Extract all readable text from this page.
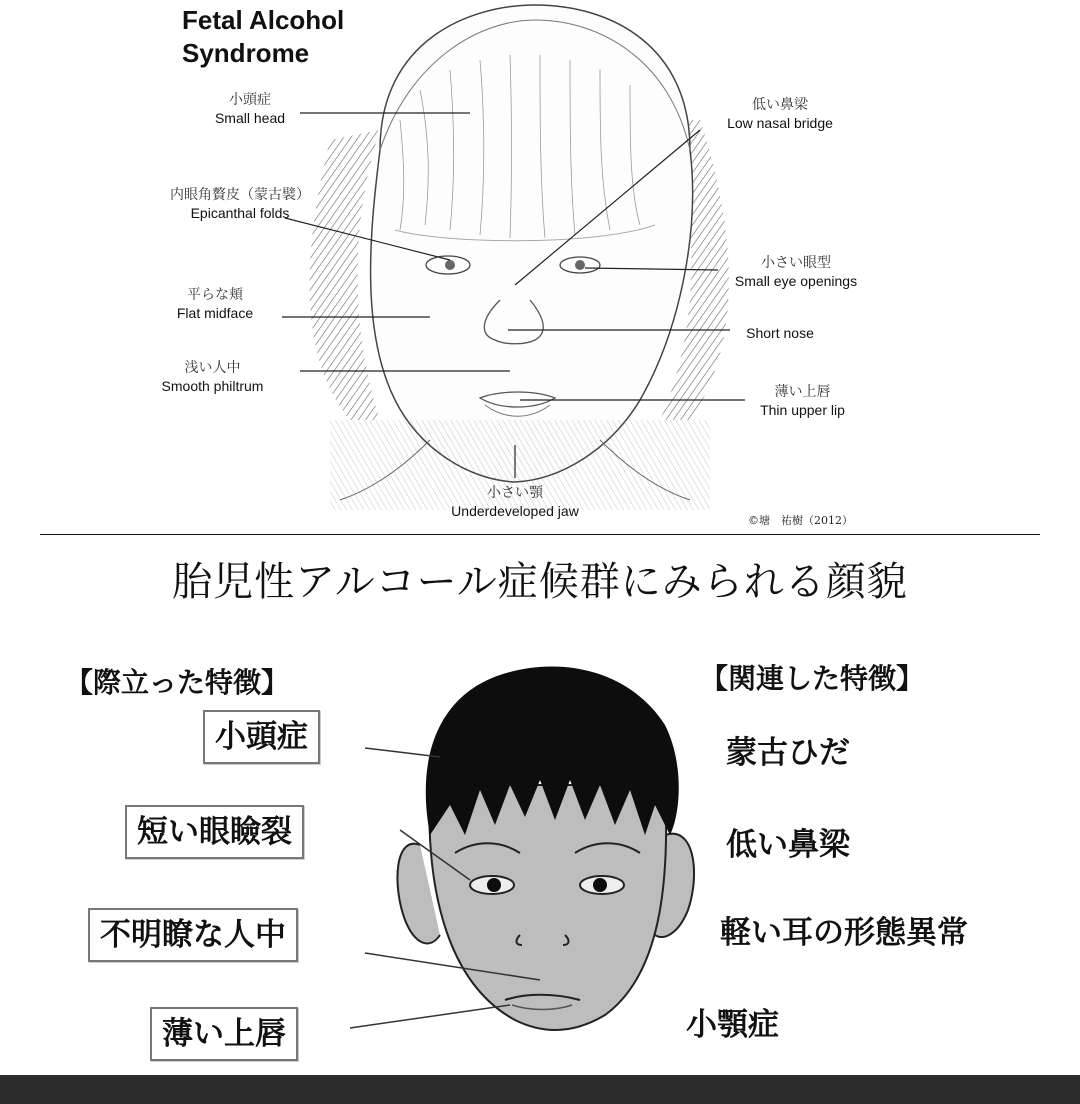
Fetal Alcohol
Syndrome
小頭症
Small head
内眼角贅皮（蒙古襞）
Epicanthal folds
平らな頬
Flat midface
浅い人中
Smooth philtrum
低い鼻梁
Low nasal bridge
小さい眼型
Small eye openings
Short nose
薄い上唇
Thin upper lip
小さい顎
Underdeveloped jaw
©塘　祐樹（2012）
胎児性アルコール症候群にみられる顔貌
【際立った特徴】	【関連した特徴】
小頭症
短い眼瞼裂
不明瞭な人中
薄い上唇
蒙古ひだ
低い鼻梁
軽い耳の形態異常
小顎症
